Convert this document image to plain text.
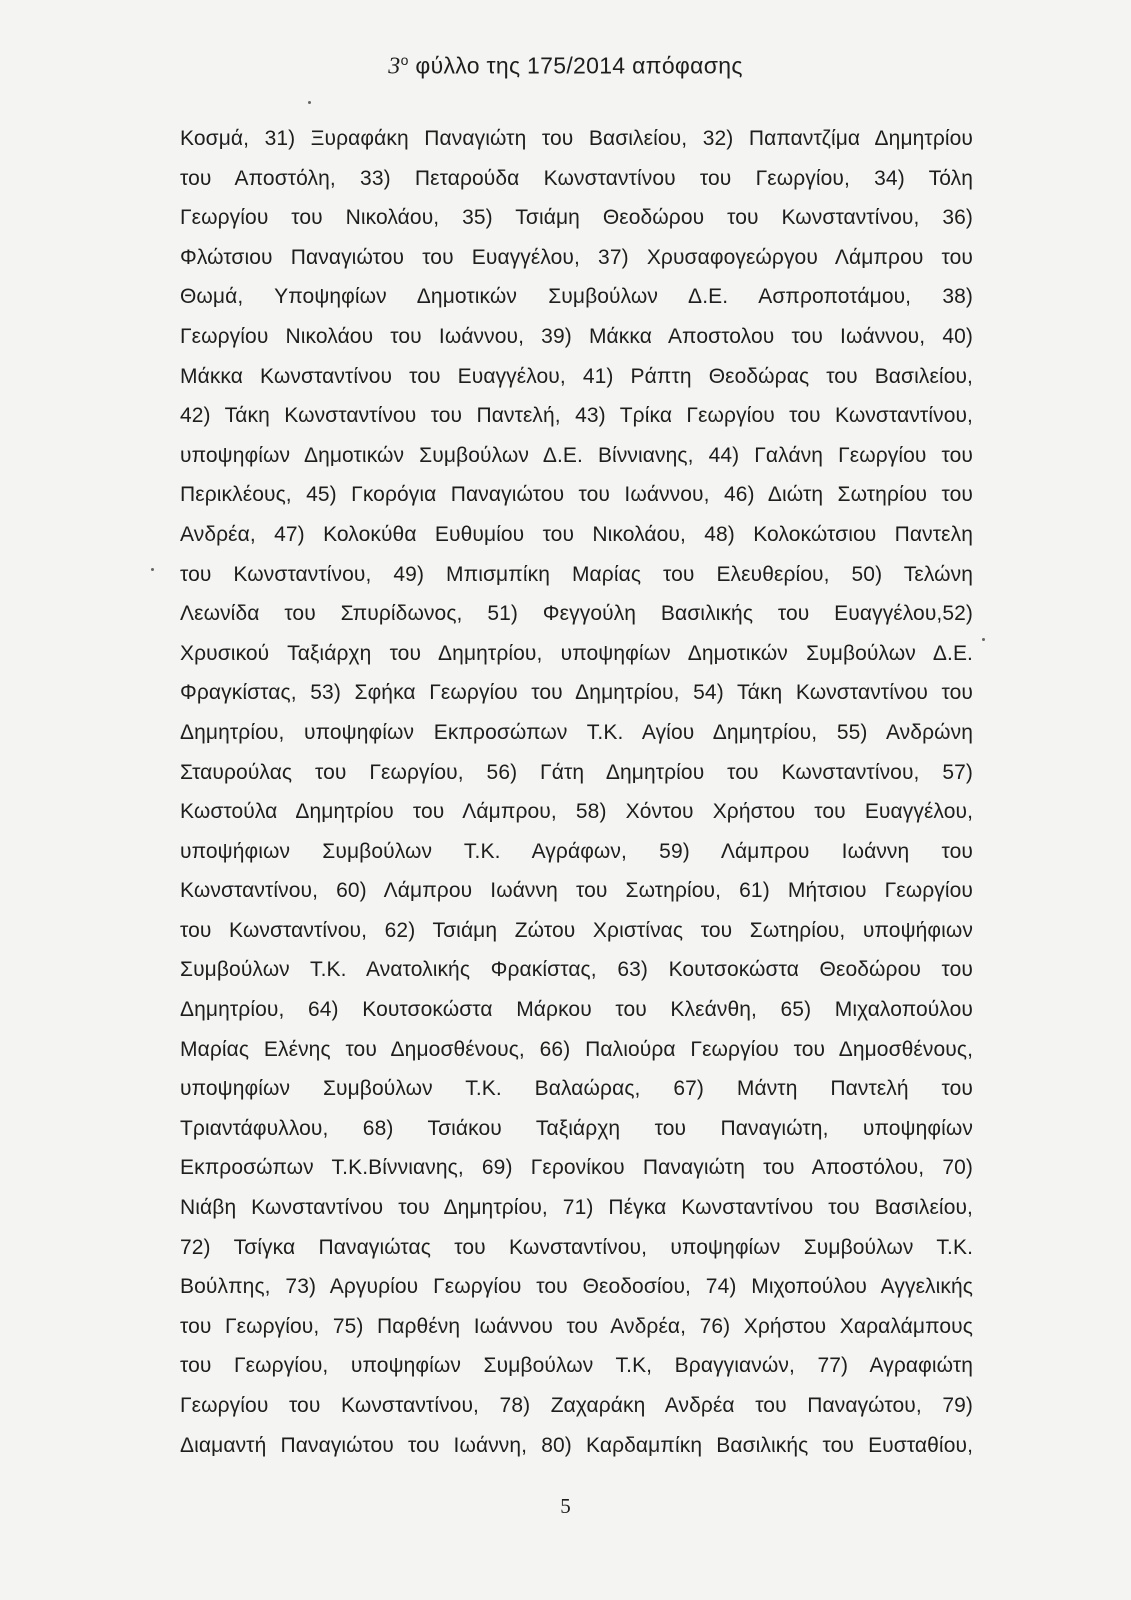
$3^o$ φύλλο της 175/2014 απόφασης
Κοσμά, 31) Ξυραφάκη Παναγιώτη του Βασιλείου, 32) Παπαντζίμα Δημητρίου
του Αποστόλη, 33) Πεταρούδα Κωνσταντίνου του Γεωργίου, 34) Τόλη
Γεωργίου του Νικολάου, 35) Τσιάμη Θεοδώρου του Κωνσταντίνου, 36)
Φλώτσιου Παναγιώτου του Ευαγγέλου, 37) Χρυσαφογεώργου Λάμπρου του
Θωμά, Υποψηφίων Δημοτικών Συμβούλων Δ.Ε. Ασπροποτάμου, 38)
Γεωργίου Νικολάου του Ιωάννου, 39) Μάκκα Αποστολου του Ιωάννου, 40)
Μάκκα Κωνσταντίνου του Ευαγγέλου, 41) Ράπτη Θεοδώρας του Βασιλείου,
42) Τάκη Κωνσταντίνου του Παντελή, 43) Τρίκα Γεωργίου του Κωνσταντίνου,
υποψηφίων Δημοτικών Συμβούλων Δ.Ε. Βίννιανης, 44) Γαλάνη Γεωργίου του
Περικλέους, 45) Γκορόγια Παναγιώτου του Ιωάννου, 46) Διώτη Σωτηρίου του
Ανδρέα, 47) Κολοκύθα Ευθυμίου του Νικολάου, 48) Κολοκώτσιου Παντελη
του Κωνσταντίνου, 49) Μπισμπίκη Μαρίας του Ελευθερίου, 50) Τελώνη
Λεωνίδα του Σπυρίδωνος, 51) Φεγγούλη Βασιλικής του Ευαγγέλου,52)
Χρυσικού Ταξιάρχη του Δημητρίου, υποψηφίων Δημοτικών Συμβούλων Δ.Ε.
Φραγκίστας, 53) Σφήκα Γεωργίου του Δημητρίου, 54) Τάκη Κωνσταντίνου του
Δημητρίου, υποψηφίων Εκπροσώπων Τ.Κ. Αγίου Δημητρίου, 55) Ανδρώνη
Σταυρούλας του Γεωργίου, 56) Γάτη Δημητρίου του Κωνσταντίνου, 57)
Κωστούλα Δημητρίου του Λάμπρου, 58) Χόντου Χρήστου του Ευαγγέλου,
υποψήφιων Συμβούλων Τ.Κ. Αγράφων, 59) Λάμπρου Ιωάννη του
Κωνσταντίνου, 60) Λάμπρου Ιωάννη του Σωτηρίου, 61) Μήτσιου Γεωργίου
του Κωνσταντίνου, 62) Τσιάμη Ζώτου Χριστίνας του Σωτηρίου, υποψήφιων
Συμβούλων Τ.Κ. Ανατολικής Φρακίστας, 63) Κουτσοκώστα Θεοδώρου του
Δημητρίου, 64) Κουτσοκώστα Μάρκου του Κλεάνθη, 65) Μιχαλοπούλου
Μαρίας Ελένης του Δημοσθένους, 66) Παλιούρα Γεωργίου του Δημοσθένους,
υποψηφίων Συμβούλων Τ.Κ. Βαλαώρας, 67) Μάντη Παντελή του
Τριαντάφυλλου, 68) Τσιάκου Ταξιάρχη του Παναγιώτη, υποψηφίων
Εκπροσώπων Τ.Κ.Βίννιανης, 69) Γερονίκου Παναγιώτη του Αποστόλου, 70)
Νιάβη Κωνσταντίνου του Δημητρίου, 71) Πέγκα Κωνσταντίνου του Βασιλείου,
72) Τσίγκα Παναγιώτας του Κωνσταντίνου, υποψηφίων Συμβούλων Τ.Κ.
Βούλπης, 73) Αργυρίου Γεωργίου του Θεοδοσίου, 74) Μιχοπούλου Αγγελικής
του Γεωργίου, 75) Παρθένη Ιωάννου του Ανδρέα, 76) Χρήστου Χαραλάμπους
του Γεωργίου, υποψηφίων Συμβούλων Τ.Κ, Βραγγιανών, 77) Αγραφιώτη
Γεωργίου του Κωνσταντίνου, 78) Ζαχαράκη Ανδρέα του Παναγώτου, 79)
Διαμαντή Παναγιώτου του Ιωάννη, 80) Καρδαμπίκη Βασιλικής του Ευσταθίου,
5
